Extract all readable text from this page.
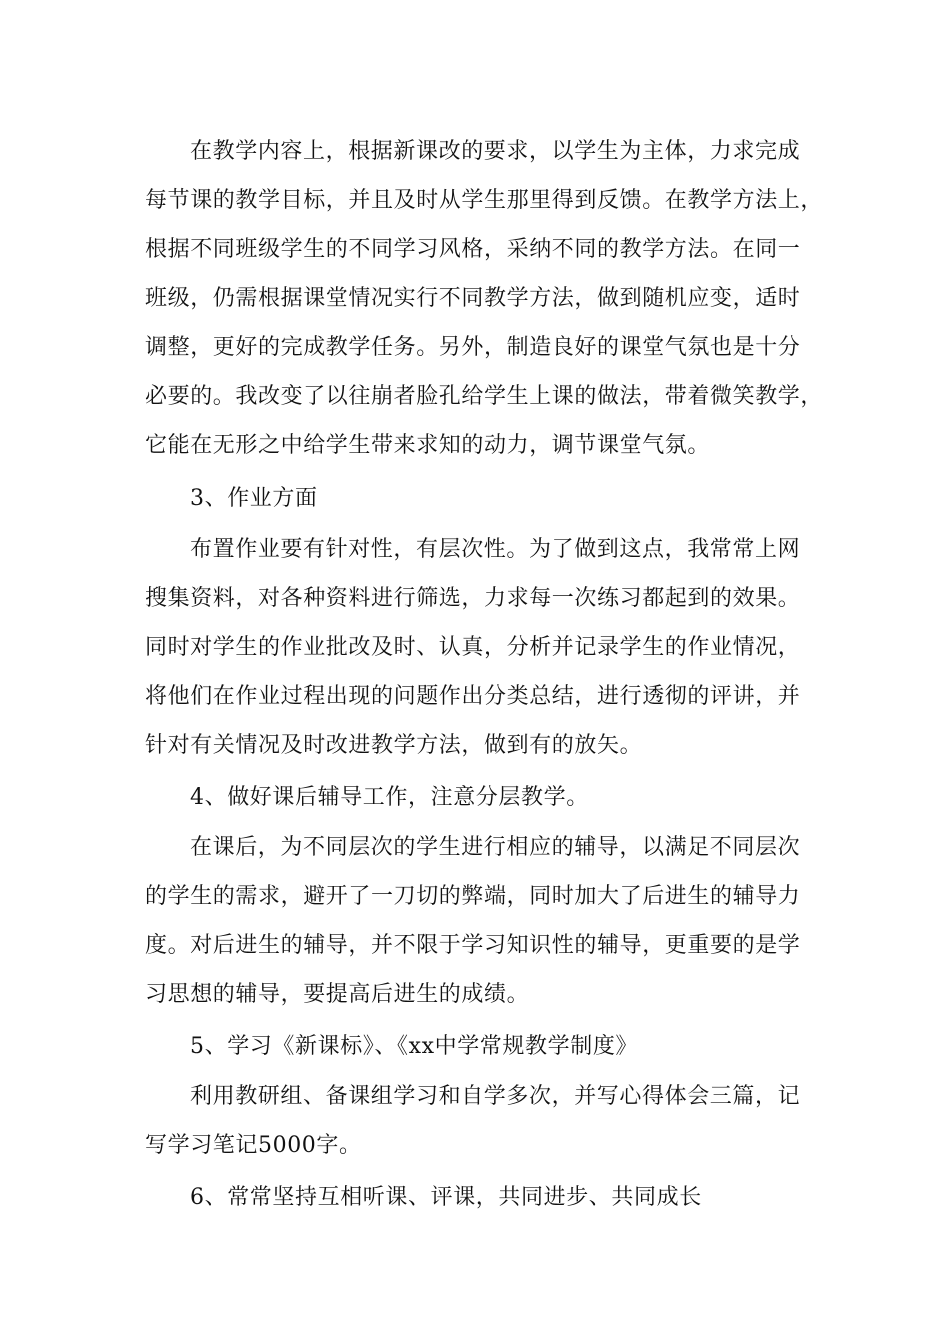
在教学内容上，根据新课改的要求，以学生为主体，力求完成
每节课的教学目标，并且及时从学生那里得到反馈。在教学方法上，
根据不同班级学生的不同学习风格，采纳不同的教学方法。在同一
班级，仍需根据课堂情况实行不同教学方法，做到随机应变，适时
调整，更好的完成教学任务。另外，制造良好的课堂气氛也是十分
必要的。我改变了以往崩者脸孔给学生上课的做法，带着微笑教学，
它能在无形之中给学生带来求知的动力，调节课堂气氛。
3、作业方面
布置作业要有针对性，有层次性。为了做到这点，我常常上网
搜集资料，对各种资料进行筛选，力求每一次练习都起到的效果。
同时对学生的作业批改及时、认真，分析并记录学生的作业情况，
将他们在作业过程出现的问题作出分类总结，进行透彻的评讲，并
针对有关情况及时改进教学方法，做到有的放矢。
4、做好课后辅导工作，注意分层教学。
在课后，为不同层次的学生进行相应的辅导，以满足不同层次
的学生的需求，避开了一刀切的弊端，同时加大了后进生的辅导力
度。对后进生的辅导，并不限于学习知识性的辅导，更重要的是学
习思想的辅导，要提高后进生的成绩。
5、学习《新课标》、《xx中学常规教学制度》
利用教研组、备课组学习和自学多次，并写心得体会三篇，记
写学习笔记5000字。
6、常常坚持互相听课、评课，共同进步、共同成长
